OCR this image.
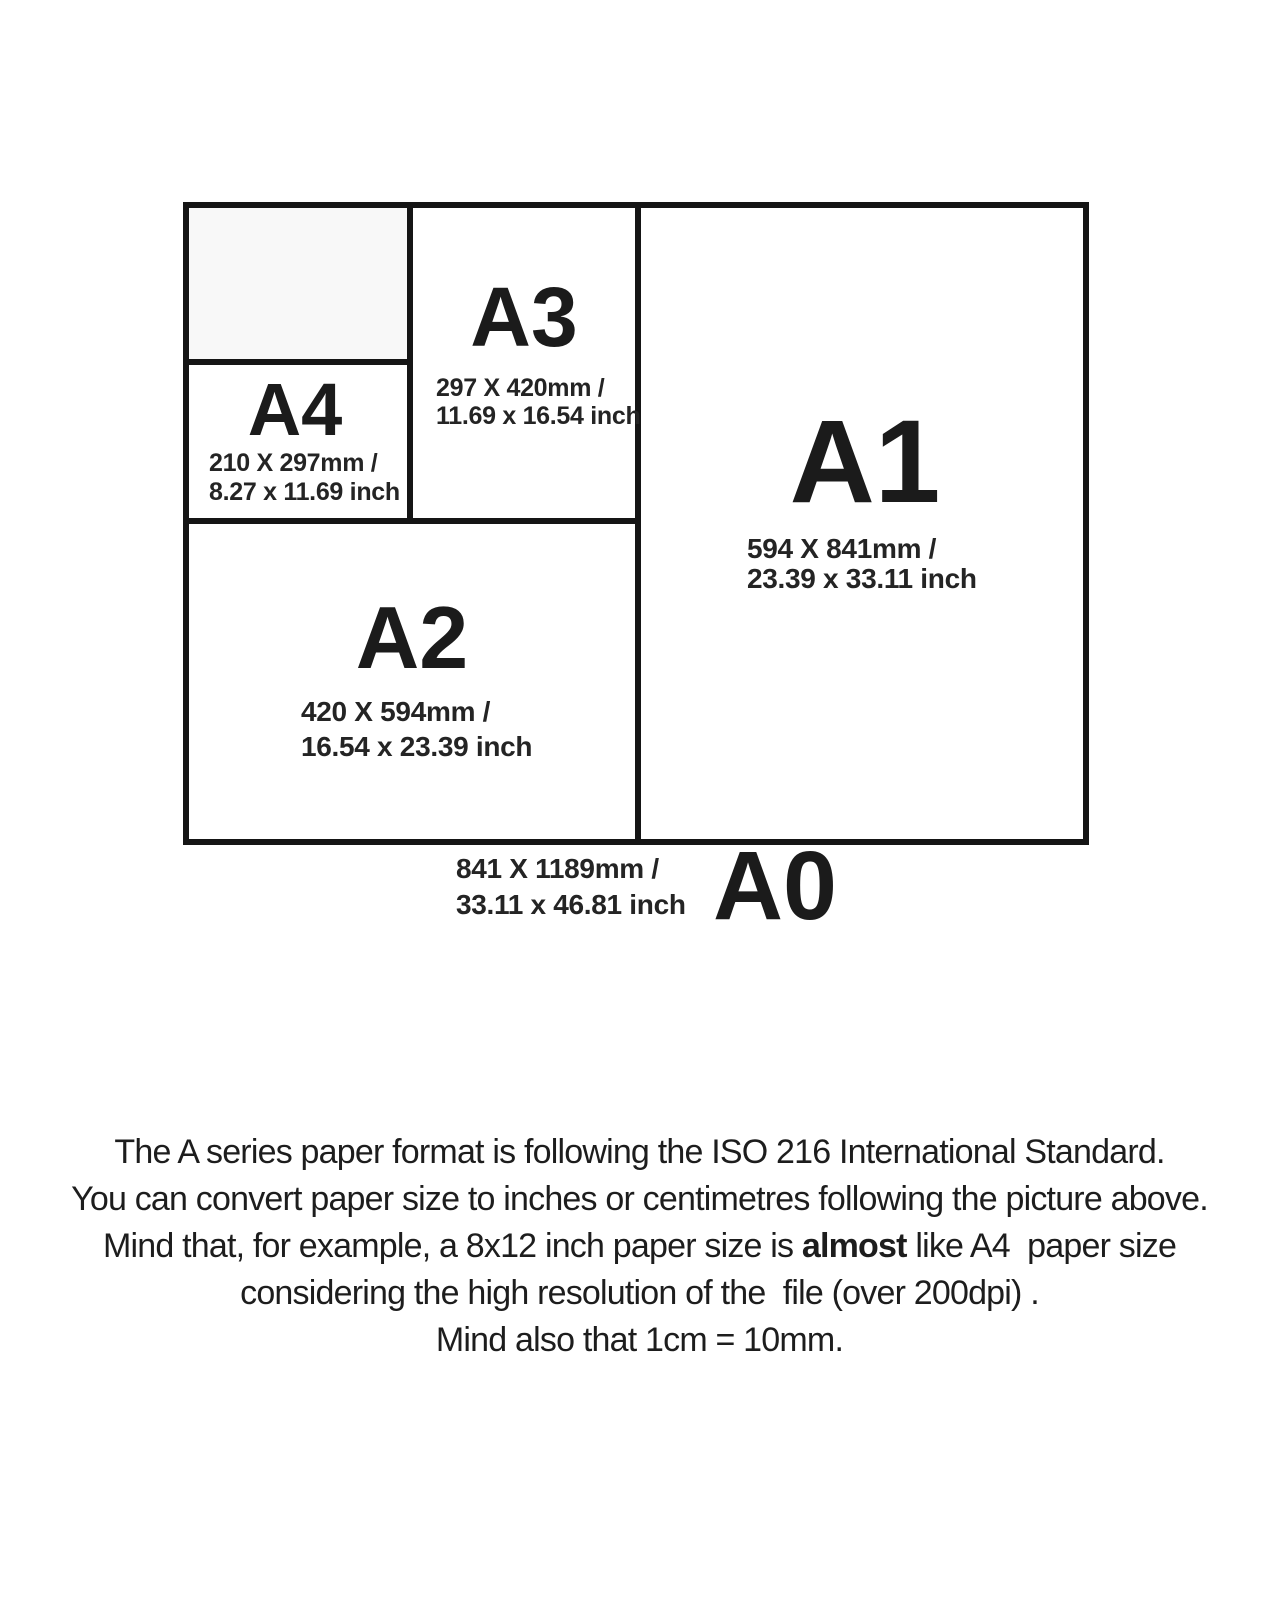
A3
297 X 420mm /
11.69 x 16.54 inch
A4
210 X 297mm /
8.27 x 11.69 inch
A2
420 X 594mm /
16.54 x 23.39 inch
A1
594 X 841mm /
23.39 x 33.11 inch
841 X 1189mm /
33.11 x 46.81 inch A0
The A series paper format is following the ISO 216 International Standard.
You can convert paper size to inches or centimetres following the picture above.
Mind that, for example, a 8x12 inch paper size is almost like A4  paper size
considering the high resolution of the  file (over 200dpi) .
Mind also that 1cm = 10mm.
